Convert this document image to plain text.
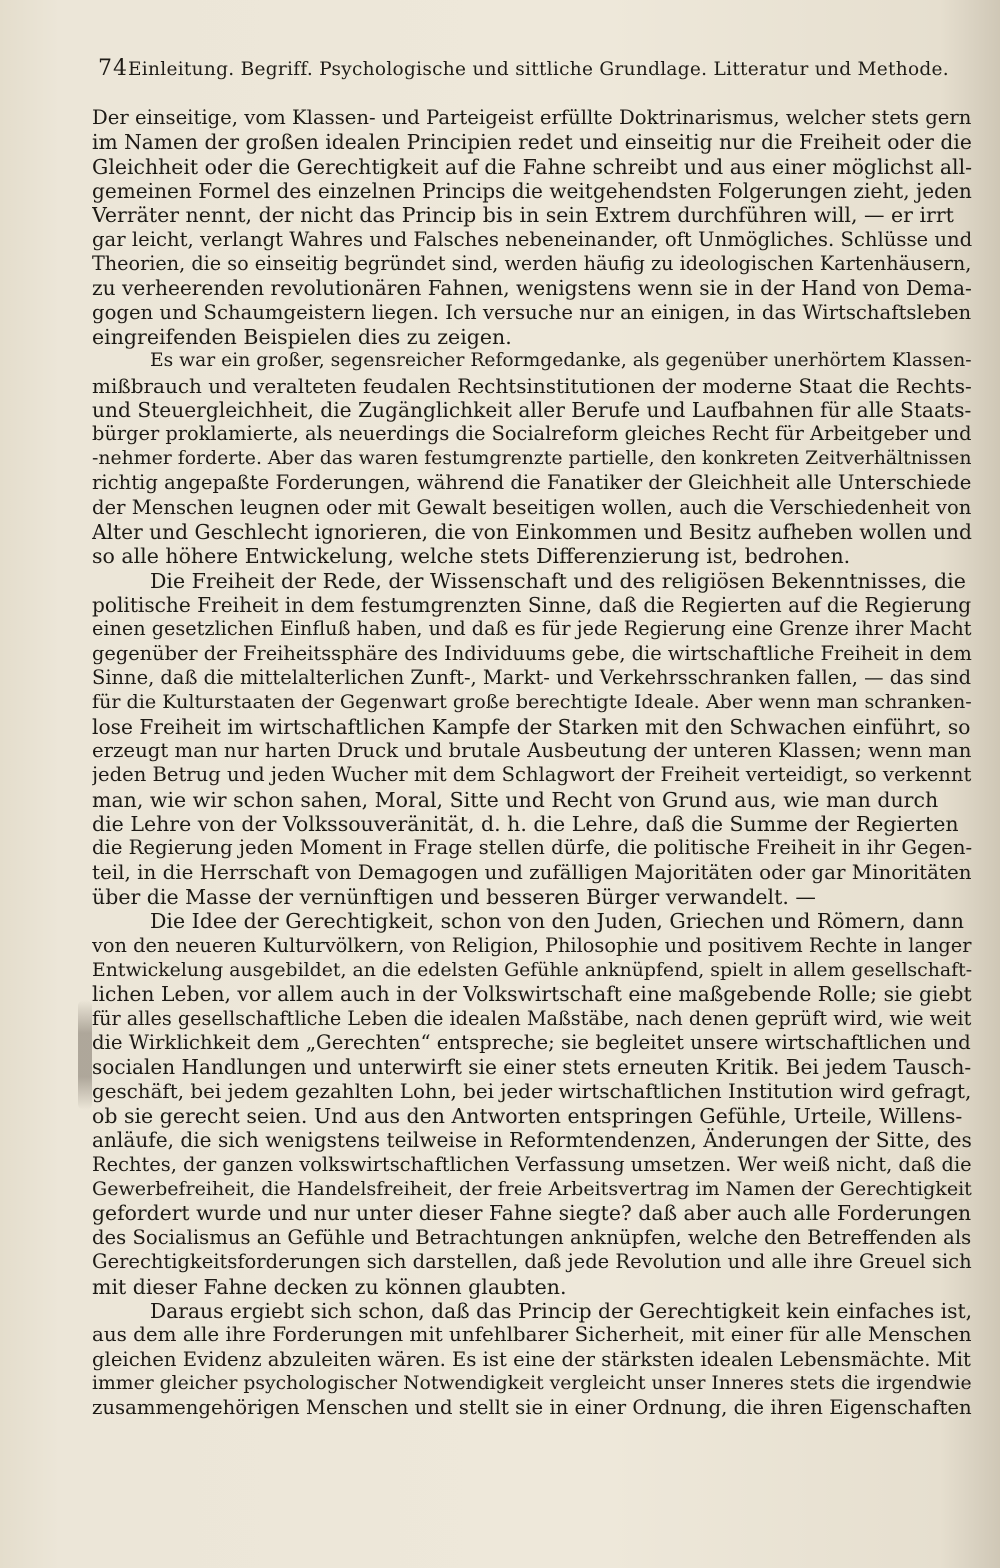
74 Einleitung. Begriff. Psychologische und sittliche Grundlage. Litteratur und Methode.
Der einseitige, vom Klassen- und Parteigeist erfüllte Doktrinarismus, welcher stets gern
im Namen der großen idealen Principien redet und einseitig nur die Freiheit oder die
Gleichheit oder die Gerechtigkeit auf die Fahne schreibt und aus einer möglichst all-
gemeinen Formel des einzelnen Princips die weitgehendsten Folgerungen zieht, jeden
Verräter nennt, der nicht das Princip bis in sein Extrem durchführen will, — er irrt
gar leicht, verlangt Wahres und Falsches nebeneinander, oft Unmögliches. Schlüsse und
Theorien, die so einseitig begründet sind, werden häufig zu ideologischen Kartenhäusern,
zu verheerenden revolutionären Fahnen, wenigstens wenn sie in der Hand von Dema-
gogen und Schaumgeistern liegen. Ich versuche nur an einigen, in das Wirtschaftsleben
eingreifenden Beispielen dies zu zeigen.
Es war ein großer, segensreicher Reformgedanke, als gegenüber unerhörtem Klassen-
mißbrauch und veralteten feudalen Rechtsinstitutionen der moderne Staat die Rechts-
und Steuergleichheit, die Zugänglichkeit aller Berufe und Laufbahnen für alle Staats-
bürger proklamierte, als neuerdings die Socialreform gleiches Recht für Arbeitgeber und
-nehmer forderte. Aber das waren festumgrenzte partielle, den konkreten Zeitverhältnissen
richtig angepaßte Forderungen, während die Fanatiker der Gleichheit alle Unterschiede
der Menschen leugnen oder mit Gewalt beseitigen wollen, auch die Verschiedenheit von
Alter und Geschlecht ignorieren, die von Einkommen und Besitz aufheben wollen und
so alle höhere Entwickelung, welche stets Differenzierung ist, bedrohen.
Die Freiheit der Rede, der Wissenschaft und des religiösen Bekenntnisses, die
politische Freiheit in dem festumgrenzten Sinne, daß die Regierten auf die Regierung
einen gesetzlichen Einfluß haben, und daß es für jede Regierung eine Grenze ihrer Macht
gegenüber der Freiheitssphäre des Individuums gebe, die wirtschaftliche Freiheit in dem
Sinne, daß die mittelalterlichen Zunft-, Markt- und Verkehrsschranken fallen, — das sind
für die Kulturstaaten der Gegenwart große berechtigte Ideale. Aber wenn man schranken-
lose Freiheit im wirtschaftlichen Kampfe der Starken mit den Schwachen einführt, so
erzeugt man nur harten Druck und brutale Ausbeutung der unteren Klassen; wenn man
jeden Betrug und jeden Wucher mit dem Schlagwort der Freiheit verteidigt, so verkennt
man, wie wir schon sahen, Moral, Sitte und Recht von Grund aus, wie man durch
die Lehre von der Volkssouveränität, d. h. die Lehre, daß die Summe der Regierten
die Regierung jeden Moment in Frage stellen dürfe, die politische Freiheit in ihr Gegen-
teil, in die Herrschaft von Demagogen und zufälligen Majoritäten oder gar Minoritäten
über die Masse der vernünftigen und besseren Bürger verwandelt. —
Die Idee der Gerechtigkeit, schon von den Juden, Griechen und Römern, dann
von den neueren Kulturvölkern, von Religion, Philosophie und positivem Rechte in langer
Entwickelung ausgebildet, an die edelsten Gefühle anknüpfend, spielt in allem gesellschaft-
lichen Leben, vor allem auch in der Volkswirtschaft eine maßgebende Rolle; sie giebt
für alles gesellschaftliche Leben die idealen Maßstäbe, nach denen geprüft wird, wie weit
die Wirklichkeit dem „Gerechten“ entspreche; sie begleitet unsere wirtschaftlichen und
socialen Handlungen und unterwirft sie einer stets erneuten Kritik. Bei jedem Tausch-
geschäft, bei jedem gezahlten Lohn, bei jeder wirtschaftlichen Institution wird gefragt,
ob sie gerecht seien. Und aus den Antworten entspringen Gefühle, Urteile, Willens-
anläufe, die sich wenigstens teilweise in Reformtendenzen, Änderungen der Sitte, des
Rechtes, der ganzen volkswirtschaftlichen Verfassung umsetzen. Wer weiß nicht, daß die
Gewerbefreiheit, die Handelsfreiheit, der freie Arbeitsvertrag im Namen der Gerechtigkeit
gefordert wurde und nur unter dieser Fahne siegte? daß aber auch alle Forderungen
des Socialismus an Gefühle und Betrachtungen anknüpfen, welche den Betreffenden als
Gerechtigkeitsforderungen sich darstellen, daß jede Revolution und alle ihre Greuel sich
mit dieser Fahne decken zu können glaubten.
Daraus ergiebt sich schon, daß das Princip der Gerechtigkeit kein einfaches ist,
aus dem alle ihre Forderungen mit unfehlbarer Sicherheit, mit einer für alle Menschen
gleichen Evidenz abzuleiten wären. Es ist eine der stärksten idealen Lebensmächte. Mit
immer gleicher psychologischer Notwendigkeit vergleicht unser Inneres stets die irgendwie
zusammengehörigen Menschen und stellt sie in einer Ordnung, die ihren Eigenschaften
